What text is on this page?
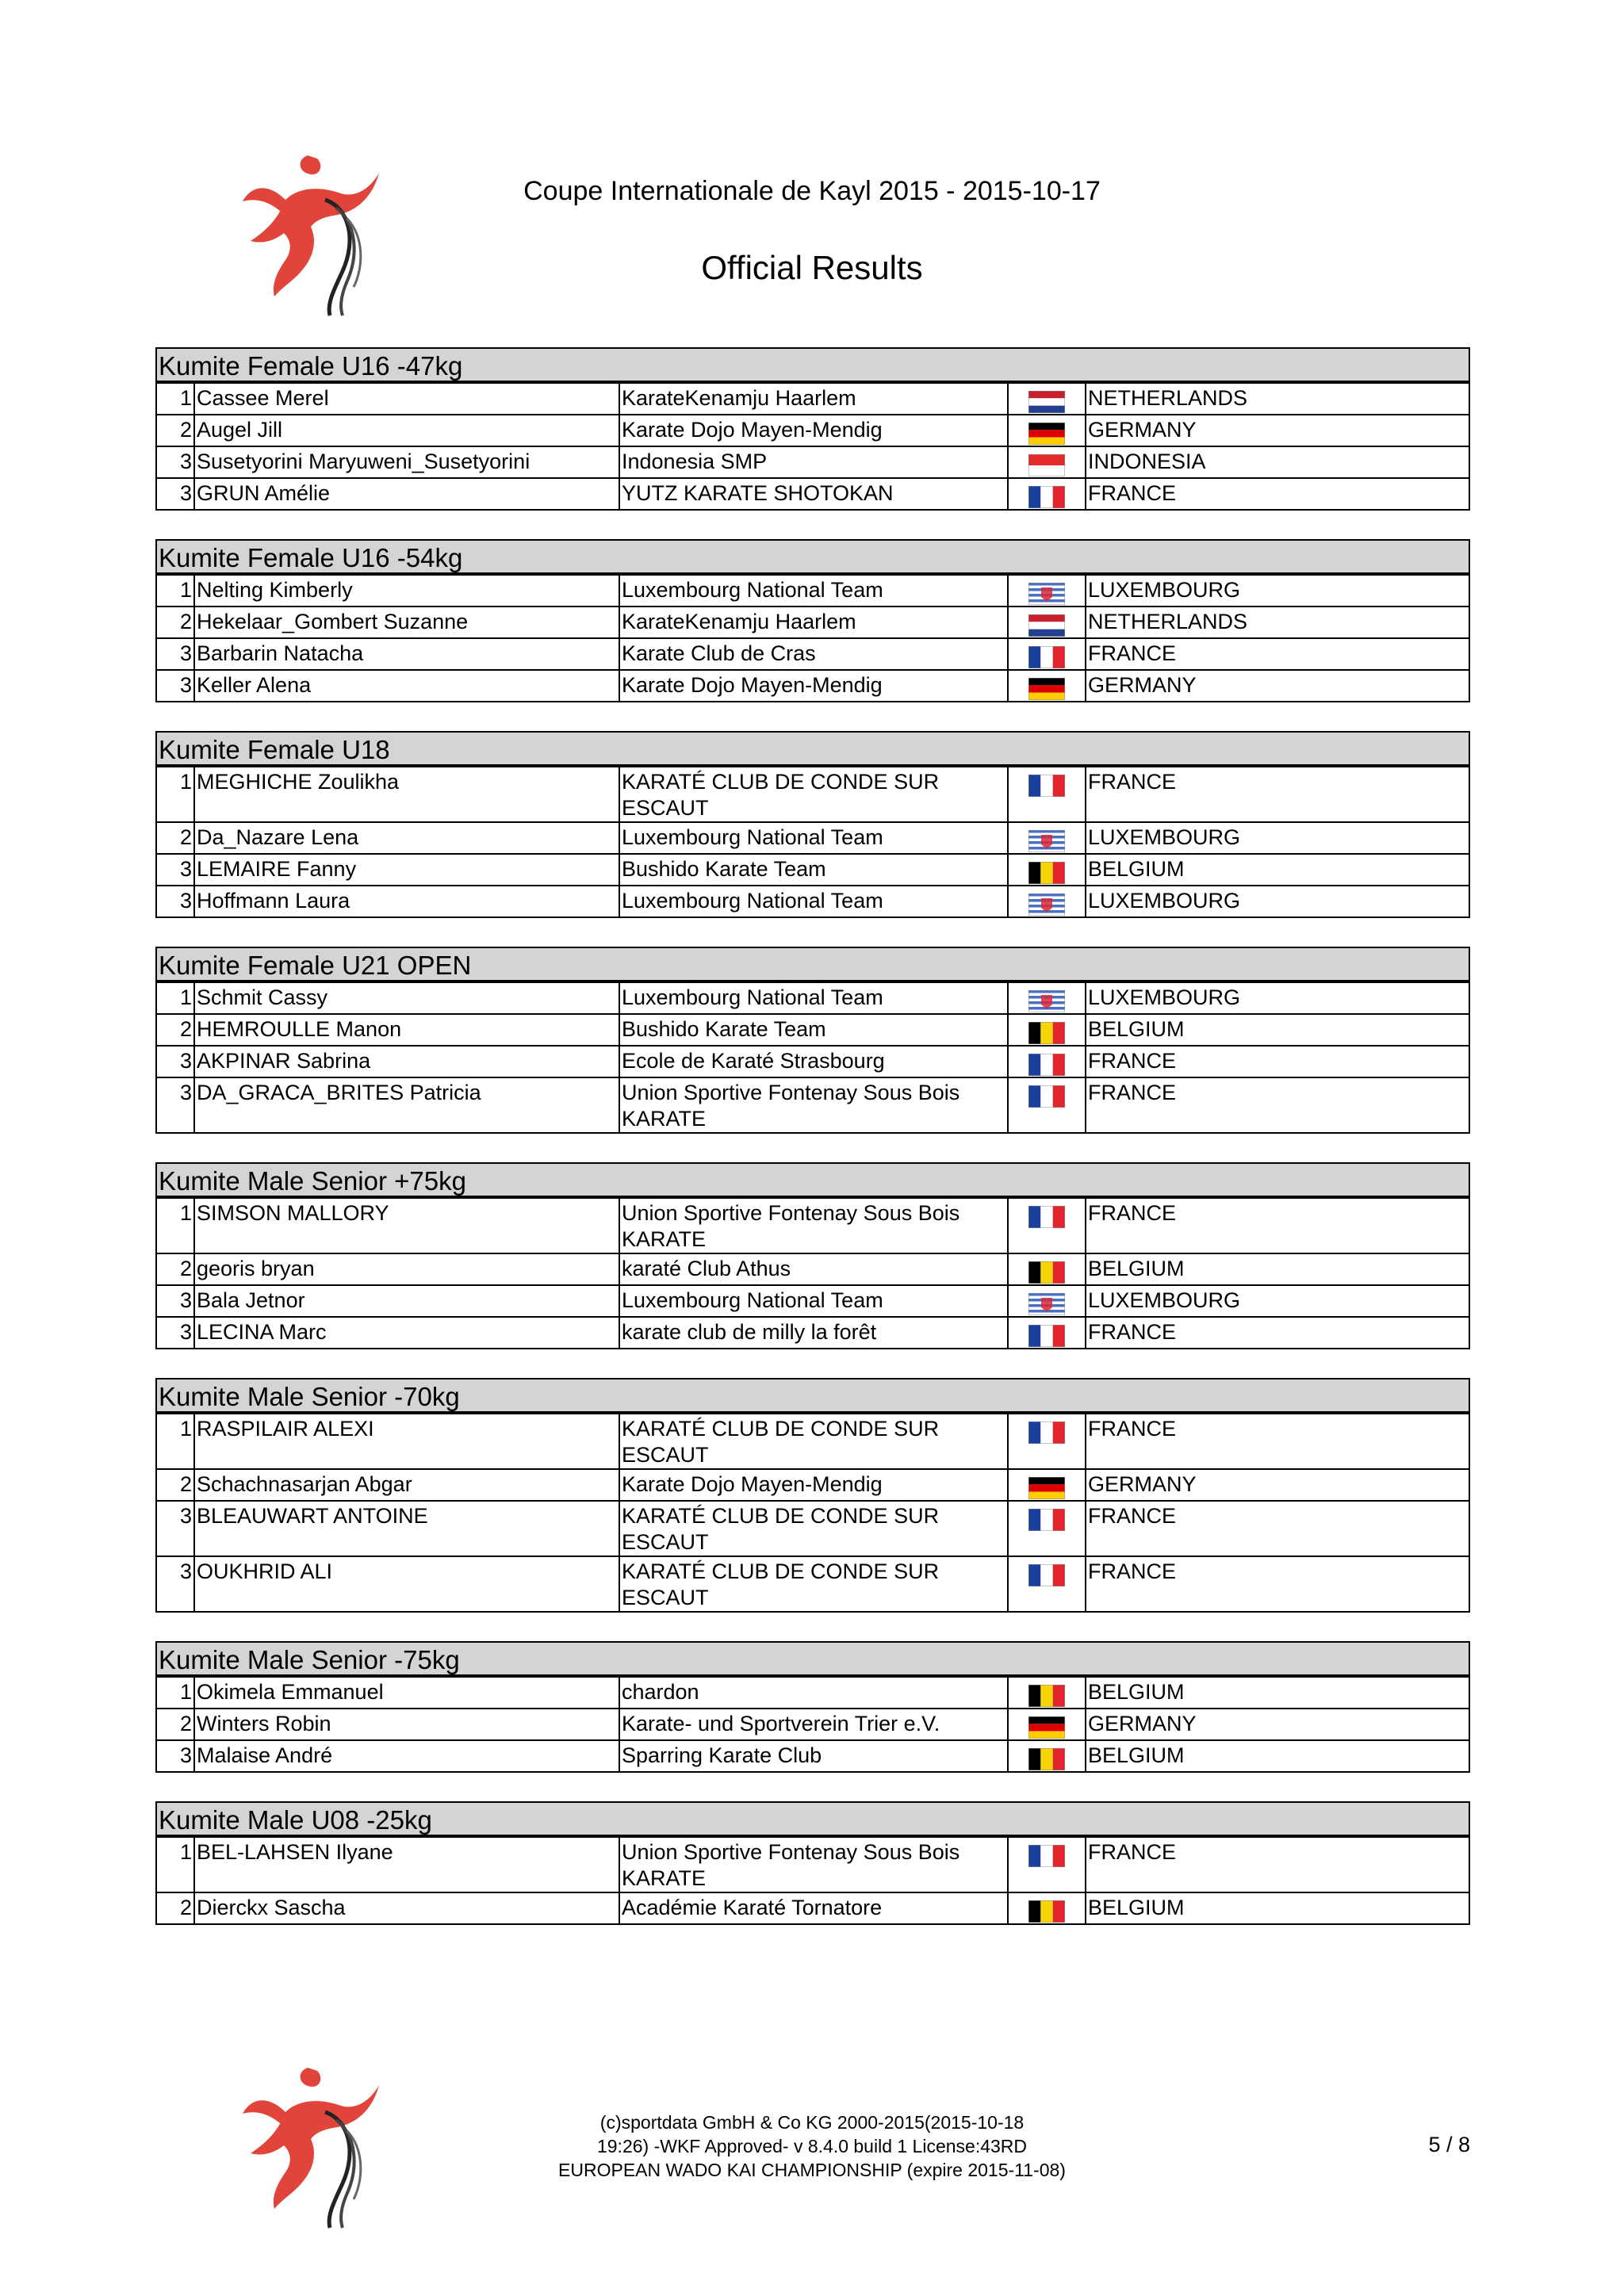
Coupe Internationale de Kayl 2015 - 2015-10-17
Official Results
Kumite Female U16 -47kg
1	Cassee Merel	KarateKenamju Haarlem		NETHERLANDS
2	Augel Jill	Karate Dojo Mayen-Mendig		GERMANY
3	Susetyorini Maryuweni_Susetyorini	Indonesia SMP		INDONESIA
3	GRUN Amélie	YUTZ KARATE SHOTOKAN		FRANCE
Kumite Female U16 -54kg
1	Nelting Kimberly	Luxembourg National Team		LUXEMBOURG
2	Hekelaar_Gombert Suzanne	KarateKenamju Haarlem		NETHERLANDS
3	Barbarin Natacha	Karate Club de Cras		FRANCE
3	Keller Alena	Karate Dojo Mayen-Mendig		GERMANY
Kumite Female U18
1	MEGHICHE Zoulikha	KARATÉ CLUB DE CONDE SUR ESCAUT		FRANCE
2	Da_Nazare Lena	Luxembourg National Team		LUXEMBOURG
3	LEMAIRE Fanny	Bushido Karate Team		BELGIUM
3	Hoffmann Laura	Luxembourg National Team		LUXEMBOURG
Kumite Female U21 OPEN
1	Schmit Cassy	Luxembourg National Team		LUXEMBOURG
2	HEMROULLE Manon	Bushido Karate Team		BELGIUM
3	AKPINAR Sabrina	Ecole de Karaté Strasbourg		FRANCE
3	DA_GRACA_BRITES Patricia	Union Sportive Fontenay Sous Bois KARATE		FRANCE
Kumite Male Senior +75kg
1	SIMSON MALLORY	Union Sportive Fontenay Sous Bois KARATE		FRANCE
2	georis bryan	karaté Club Athus		BELGIUM
3	Bala Jetnor	Luxembourg National Team		LUXEMBOURG
3	LECINA Marc	karate club de milly la forêt		FRANCE
Kumite Male Senior -70kg
1	RASPILAIR ALEXI	KARATÉ CLUB DE CONDE SUR ESCAUT		FRANCE
2	Schachnasarjan Abgar	Karate Dojo Mayen-Mendig		GERMANY
3	BLEAUWART ANTOINE	KARATÉ CLUB DE CONDE SUR ESCAUT		FRANCE
3	OUKHRID ALI	KARATÉ CLUB DE CONDE SUR ESCAUT		FRANCE
Kumite Male Senior -75kg
1	Okimela Emmanuel	chardon		BELGIUM
2	Winters Robin	Karate- und Sportverein Trier e.V.		GERMANY
3	Malaise André	Sparring Karate Club		BELGIUM
Kumite Male U08 -25kg
1	BEL-LAHSEN Ilyane	Union Sportive Fontenay Sous Bois KARATE		FRANCE
2	Dierckx Sascha	Académie Karaté Tornatore		BELGIUM
(c)sportdata GmbH & Co KG 2000-2015(2015-10-18
19:26) -WKF Approved- v 8.4.0 build 1 License:43RD
EUROPEAN WADO KAI CHAMPIONSHIP (expire 2015-11-08)
5 / 8
